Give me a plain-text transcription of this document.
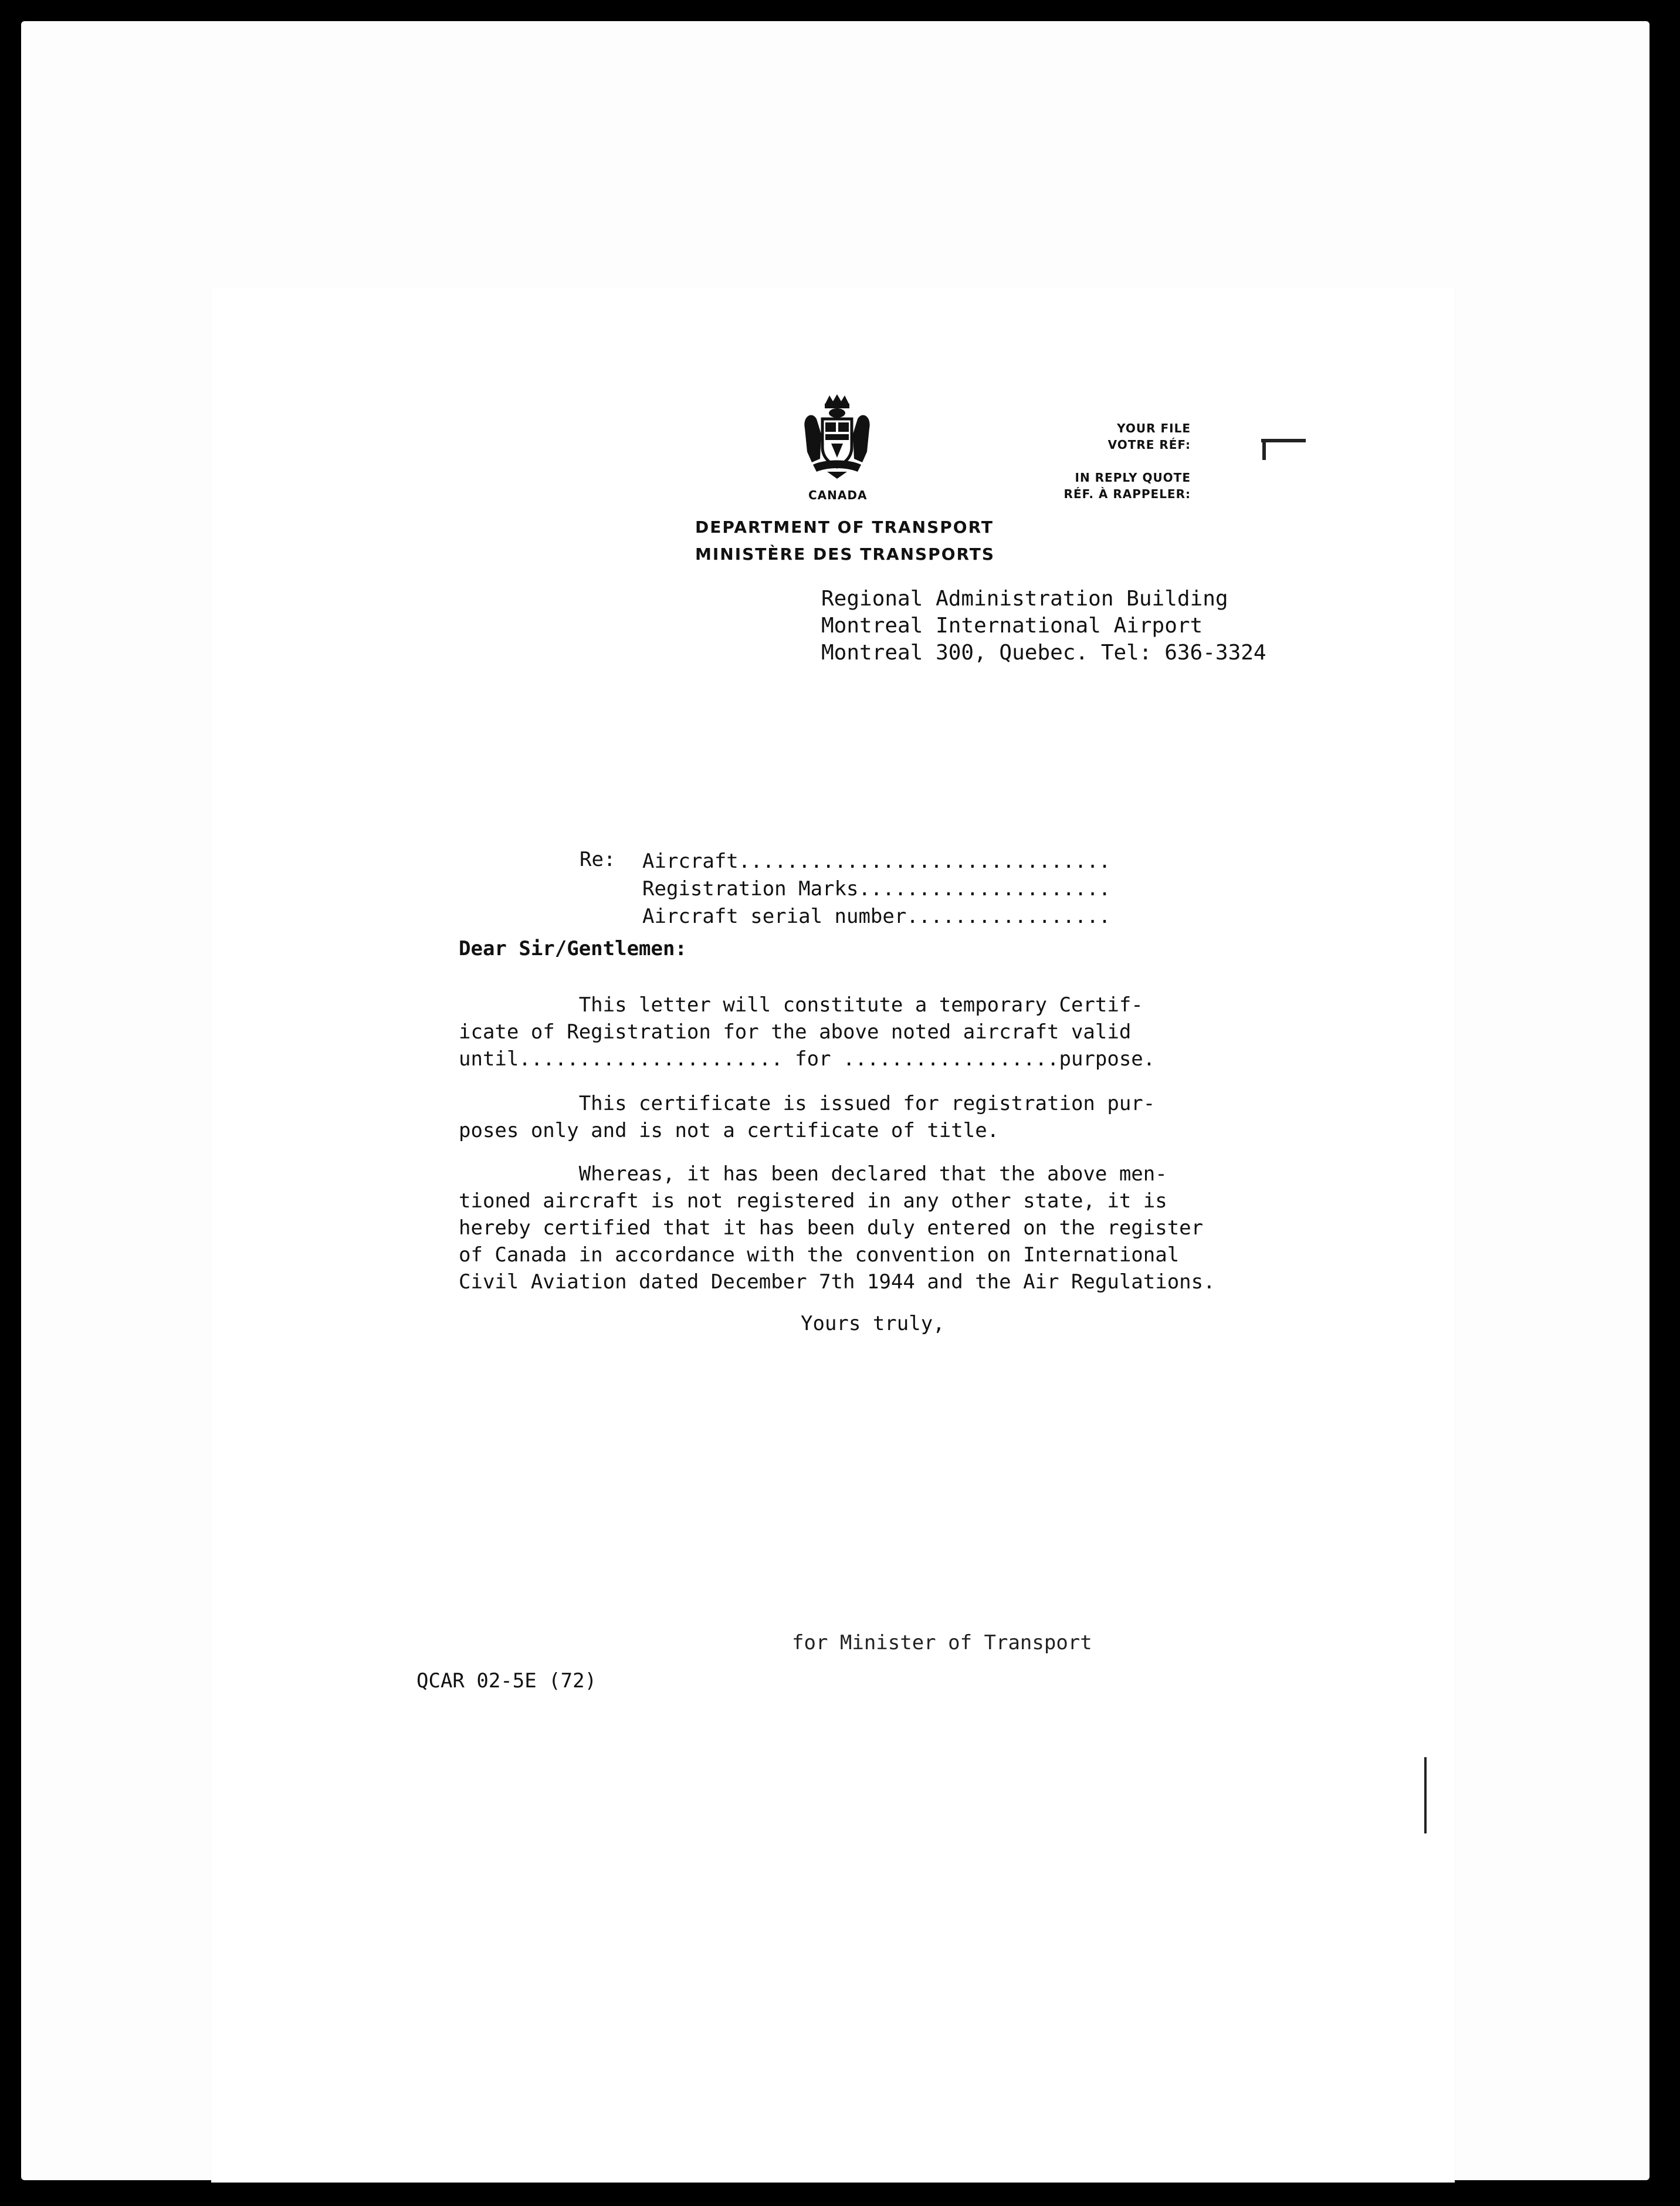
CANADA
DEPARTMENT OF TRANSPORT
MINISTÈRE DES TRANSPORTS
YOUR FILE
VOTRE RÉF:
IN REPLY QUOTE
RÉF. À RAPPELER:
Regional Administration Building
Montreal International Airport
Montreal 300, Quebec. Tel: 636-3324
Re: Aircraft...............................
Registration Marks.....................
Aircraft serial number.................
Dear Sir/Gentlemen:
This letter will constitute a temporary Certif-
icate of Registration for the above noted aircraft valid
until...................... for ..................purpose.
This certificate is issued for registration pur-
poses only and is not a certificate of title.
Whereas, it has been declared that the above men-
tioned aircraft is not registered in any other state, it is
hereby certified that it has been duly entered on the register
of Canada in accordance with the convention on International
Civil Aviation dated December 7th 1944 and the Air Regulations.
Yours truly,
for Minister of Transport
QCAR 02-5E (72)
